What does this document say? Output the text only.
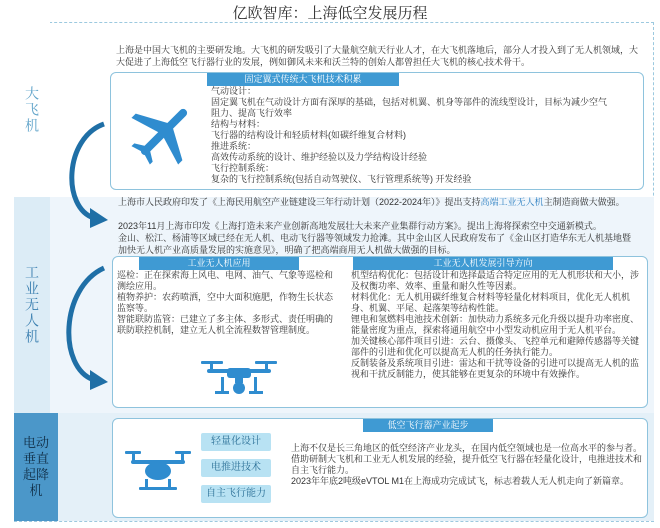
亿欧智库：上海低空发展历程
大飞机
工业无人机
电动
垂直
起降
机
上海是中国大飞机的主要研发地。大飞机的研发吸引了大量航空航天行业人才，在大飞机落地后，部分人才投入到了无人机领域，大大促进了上海低空飞行器行业的发展，例如御风未来和沃兰特的创始人都曾担任大飞机的核心技术骨干。
固定翼式传统大飞机技术积累
气动设计：
固定翼飞机在气动设计方面有深厚的基础，包括对机翼、机身等部件的流线型设计，目标为减少空气
阻力、提高飞行效率
结构与材料：
飞行器的结构设计和轻质材料(如碳纤维复合材料)
推进系统：
高效传动系统的设计、维护经验以及力学结构设计经验
飞行控制系统：
复杂的飞行控制系统(包括自动驾驶仪、飞行管理系统等) 开发经验
上海市人民政府印发了《上海民用航空产业链建设三年行动计划（2022-2024年）》提出支持高端工业无人机主制造商做大做强。
2023年11月上海市印发《上海打造未来产业创新高地发展壮大未来产业集群行动方案》。提出上海将探索空中交通新模式。
金山、松江、杨浦等区域已经在无人机、电动飞行器等领域发力抢滩。其中金山区人民政府发布了《金山区打造华东无人机基地暨加快无人机产业高质量发展的实施意见》，明确了把高端商用无人机做大做强的目标。
工业无人机应用	工业无人机发展引导方向
巡检：正在探索海上风电、电网、油气、气象等巡检和测绘应用。
植物养护：农药喷洒，空中大面积施肥，作物生长状态监察等。
智能联防监管：已建立了多主体、多形式、责任明确的联防联控机制，建立无人机全流程数智管理制度。
机型结构优化：包括设计和选择最适合特定应用的无人机形状和大小，涉及权衡功率、效率、重量和耐久性等因素。
材料优化：无人机用碳纤维复合材料等轻量化材料项目，优化无人机机身、机翼、平尾、起落架等结构性能。
锂电和氢燃料电池技术创新：加快动力系统多元化升级以提升功率密度、能量密度为重点，探索将通用航空中小型发动机应用于无人机平台。
加关键核心部件项目引进：云台、摄像头、飞控单元和避障传感器等关键部件的引进和优化可以提高无人机的任务执行能力。
反制装备及系统项目引进：雷达和干扰等设备的引进可以提高无人机的监视和干扰反制能力，使其能够在更复杂的环境中有效操作。
低空飞行器产业起步
轻量化设计
电推进技术
自主飞行能力
上海不仅是长三角地区的低空经济产业龙头，在国内低空领域也是一位高水平的参与者。借助研制大飞机和工业无人机发展的经验，提升低空飞行器在轻量化设计，电推进技术和自主飞行能力。
2023年年底2吨级eVTOL M1在上海成功完成试飞，标志着载人无人机走向了新篇章。
